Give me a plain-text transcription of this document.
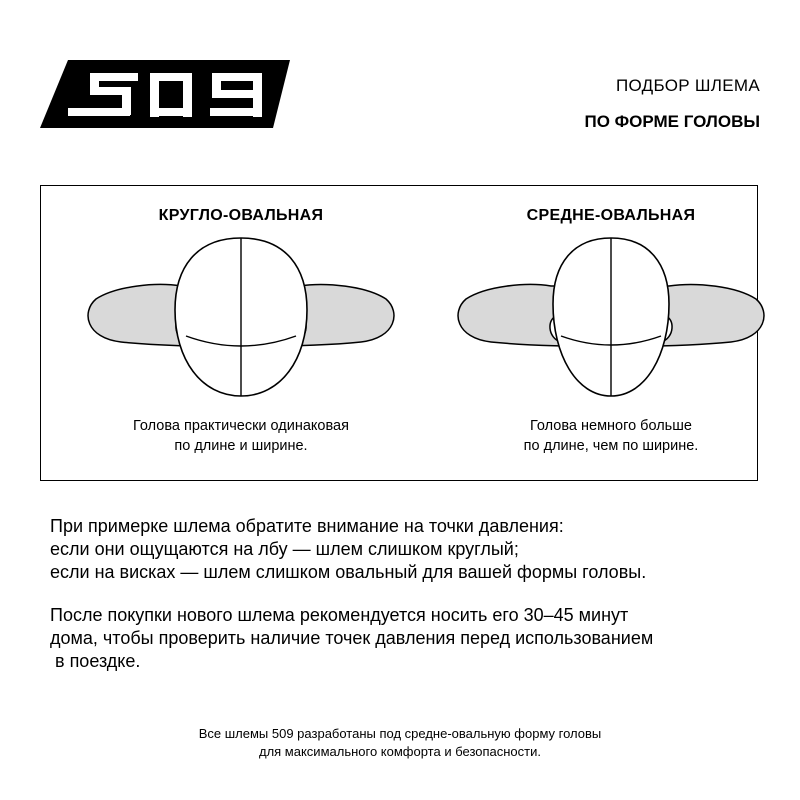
ПОДБОР ШЛЕМА
ПО ФОРМЕ ГОЛОВЫ
КРУГЛО-ОВАЛЬНАЯ
Голова практически одинаковая
по длине и ширине.
СРЕДНЕ-ОВАЛЬНАЯ
Голова немного больше
по длине, чем по ширине.
При примерке шлема обратите внимание на точки давления:
если они ощущаются на лбу — шлем слишком круглый;
если на висках — шлем слишком овальный для вашей формы головы.
После покупки нового шлема рекомендуется носить его 30–45 минут
дома, чтобы проверить наличие точек давления перед использованием
в поездке.
Все шлемы 509 разработаны под средне-овальную форму головы
для максимального комфорта и безопасности.
